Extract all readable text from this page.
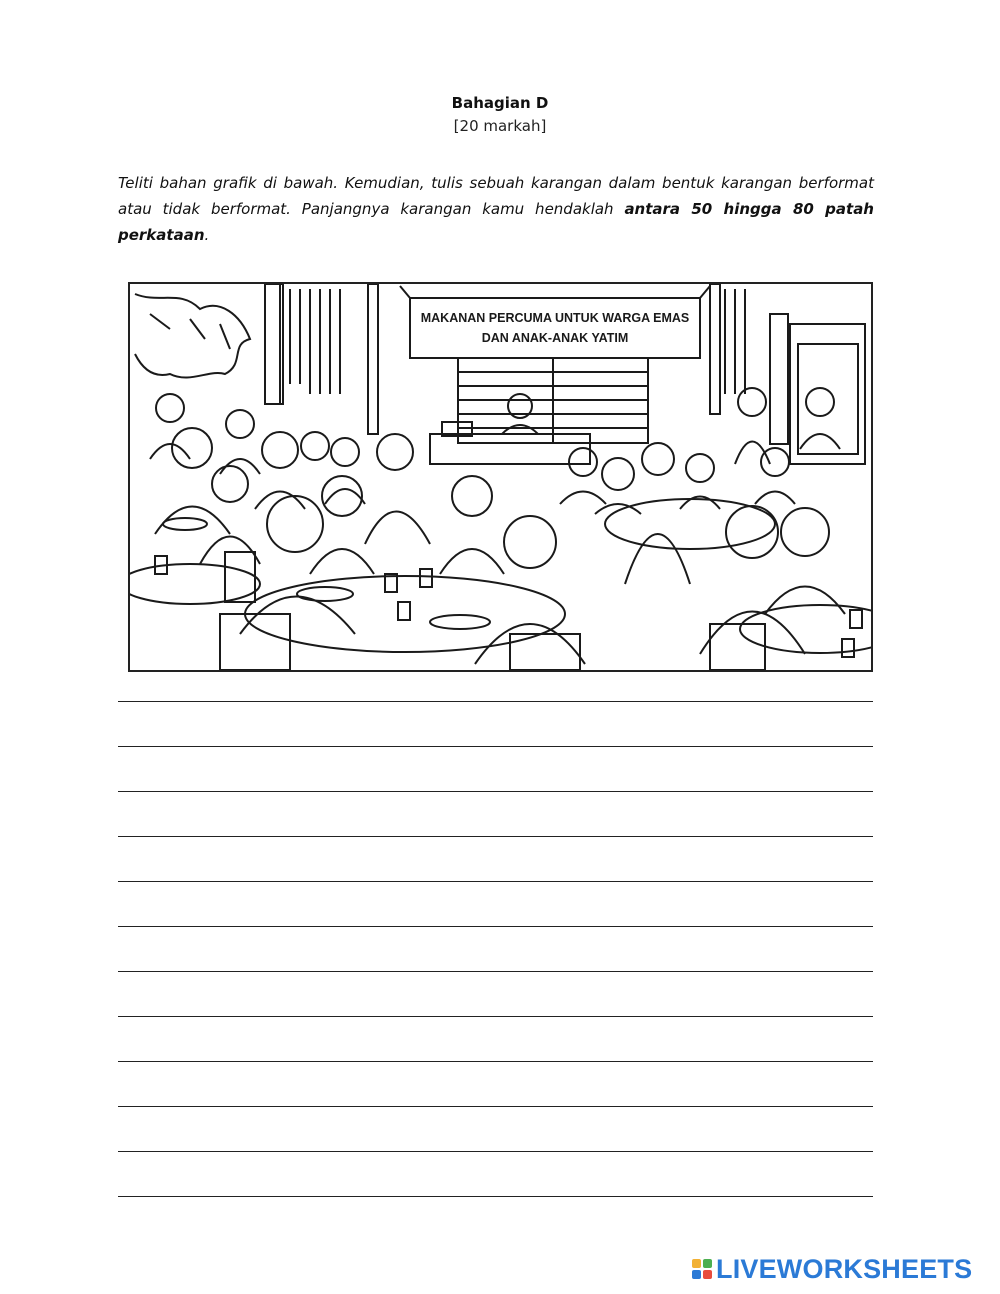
Bahagian D
[20 markah]
Teliti bahan grafik di bawah. Kemudian, tulis sebuah karangan dalam bentuk karangan berformat atau tidak berformat. Panjangnya karangan kamu hendaklah antara 50 hingga 80 patah perkataan.
MAKANAN PERCUMA UNTUK WARGA EMAS
DAN ANAK-ANAK YATIM
LIVEWORKSHEETS
